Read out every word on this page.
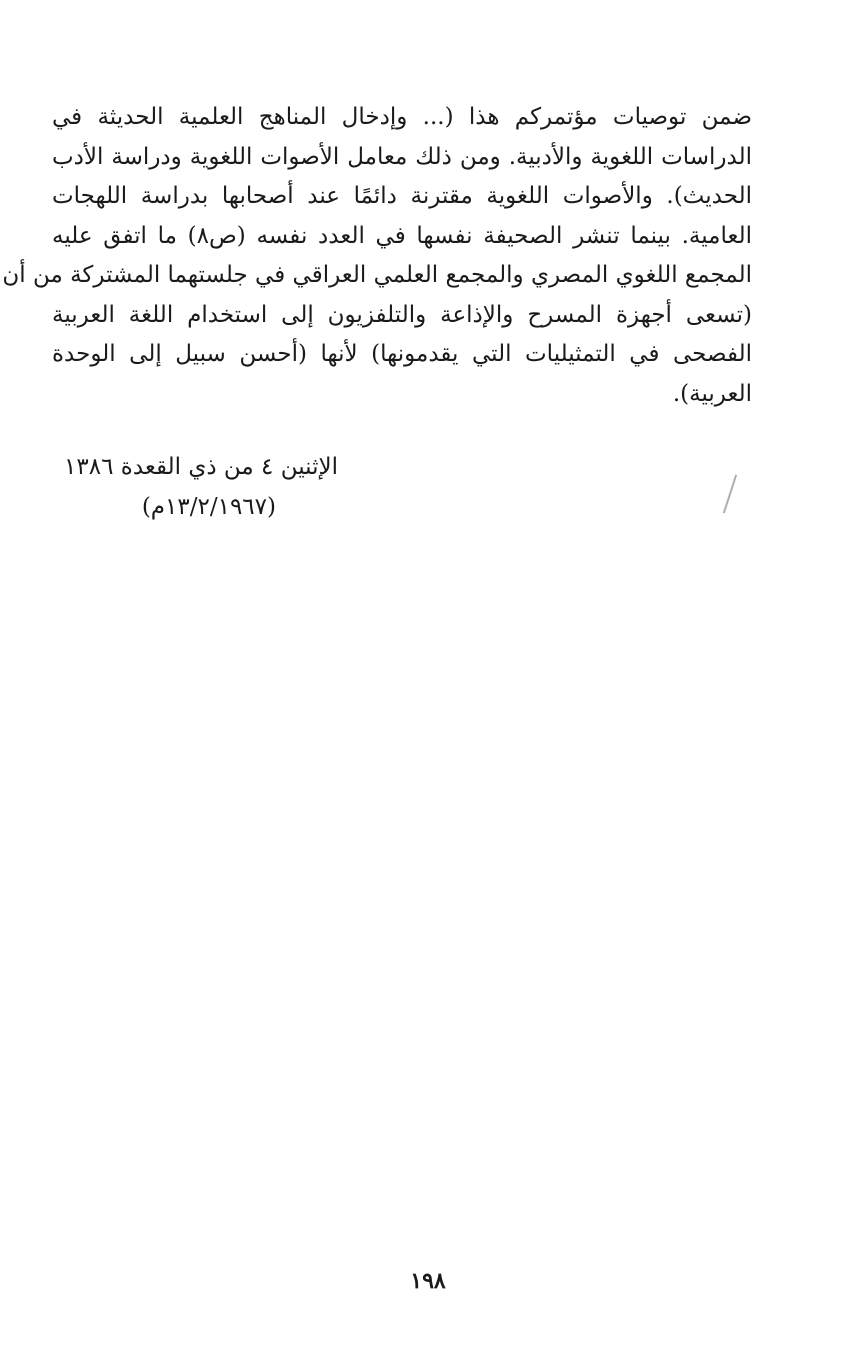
ضمن توصيات مؤتمركم هذا (... وإدخال المناهج العلمية الحديثة في
الدراسات اللغوية والأدبية. ومن ذلك معامل الأصوات اللغوية ودراسة الأدب
الحديث). والأصوات اللغوية مقترنة دائمًا عند أصحابها بدراسة اللهجات
العامية. بينما تنشر الصحيفة نفسها في العدد نفسه (ص٨) ما اتفق عليه
المجمع اللغوي المصري والمجمع العلمي العراقي في جلستهما المشتركة من أن
(تسعى أجهزة المسرح والإذاعة والتلفزيون إلى استخدام اللغة العربية
الفصحى في التمثيليات التي يقدمونها) لأنها (أحسن سبيل إلى الوحدة
العربية).
الإثنين ٤ من ذي القعدة ١٣٨٦
(١٣/٢/١٩٦٧م)
١٩٨
